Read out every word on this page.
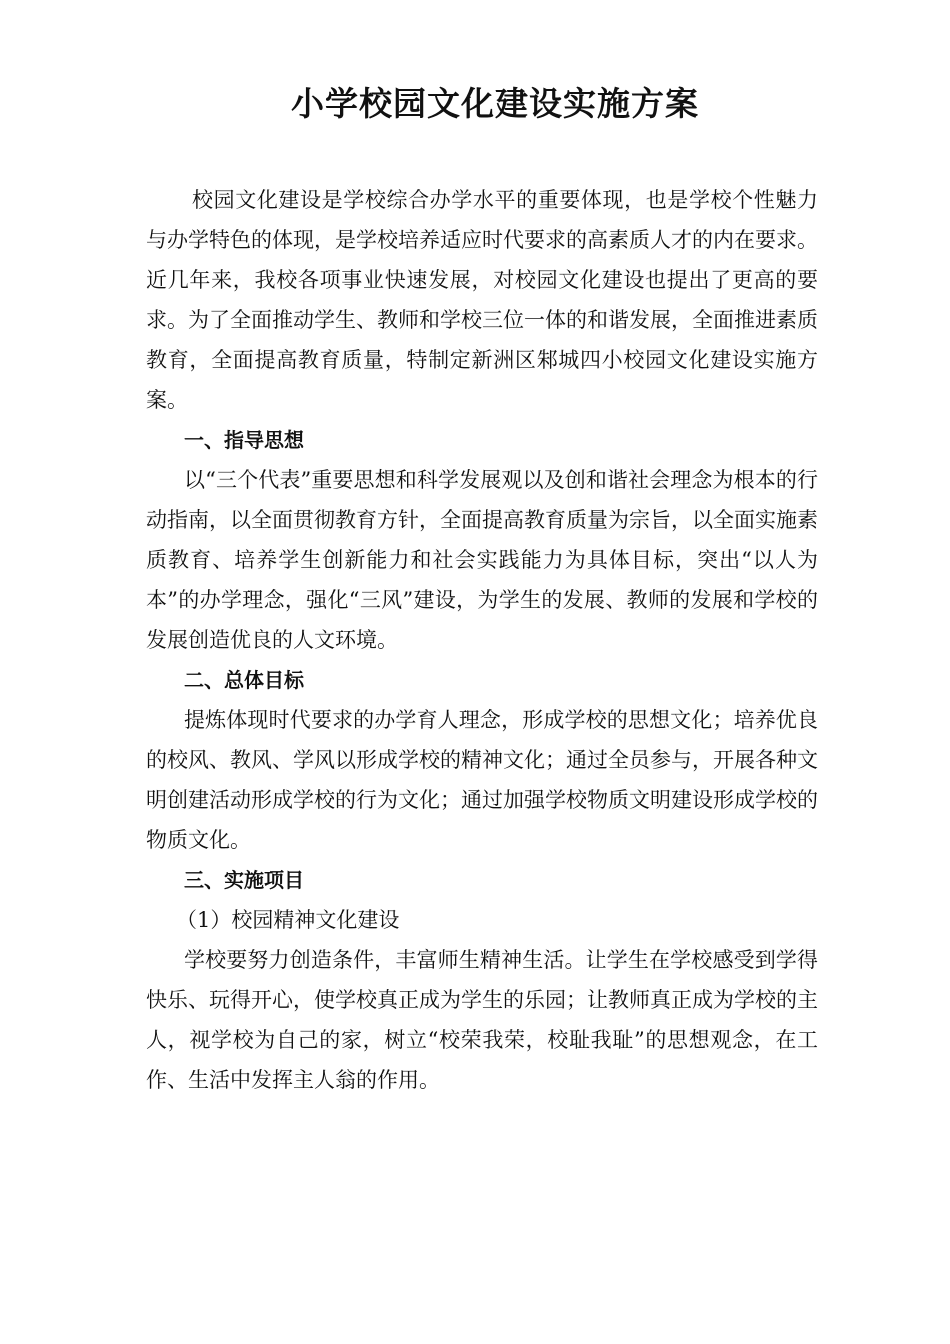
小学校园文化建设实施方案

校园文化建设是学校综合办学水平的重要体现，也是学校个性魅力与办学特色的体现，是学校培养适应时代要求的高素质人才的内在要求。近几年来，我校各项事业快速发展，对校园文化建设也提出了更高的要求。为了全面推动学生、教师和学校三位一体的和谐发展，全面推进素质教育，全面提高教育质量，特制定新洲区邾城四小校园文化建设实施方案。

一、指导思想

以“三个代表”重要思想和科学发展观以及创和谐社会理念为根本的行动指南，以全面贯彻教育方针，全面提高教育质量为宗旨，以全面实施素质教育、培养学生创新能力和社会实践能力为具体目标，突出“以人为本”的办学理念，强化“三风”建设，为学生的发展、教师的发展和学校的发展创造优良的人文环境。

二、总体目标

提炼体现时代要求的办学育人理念，形成学校的思想文化；培养优良的校风、教风、学风以形成学校的精神文化；通过全员参与，开展各种文明创建活动形成学校的行为文化；通过加强学校物质文明建设形成学校的物质文化。

三、实施项目

（1）校园精神文化建设

学校要努力创造条件，丰富师生精神生活。让学生在学校感受到学得快乐、玩得开心，使学校真正成为学生的乐园；让教师真正成为学校的主人，视学校为自己的家，树立“校荣我荣，校耻我耻”的思想观念，在工作、生活中发挥主人翁的作用。
